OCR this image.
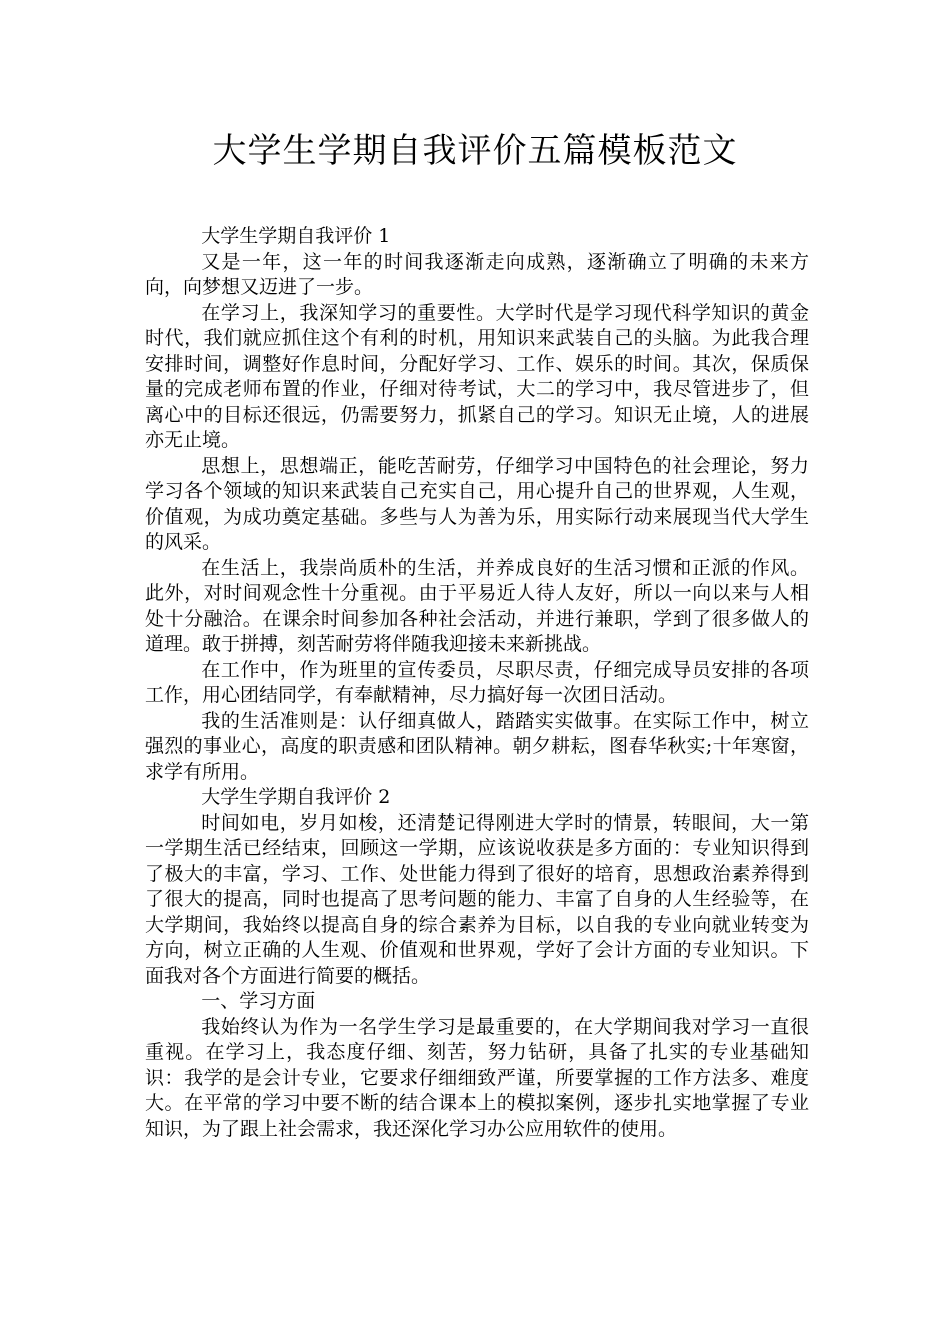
大学生学期自我评价五篇模板范文

大学生学期自我评价 1

又是一年，这一年的时间我逐渐走向成熟，逐渐确立了明确的未来方向，向梦想又迈进了一步。

在学习上，我深知学习的重要性。大学时代是学习现代科学知识的黄金时代，我们就应抓住这个有利的时机，用知识来武装自己的头脑。为此我合理安排时间，调整好作息时间，分配好学习、工作、娱乐的时间。其次，保质保量的完成老师布置的作业，仔细对待考试，大二的学习中，我尽管进步了，但离心中的目标还很远，仍需要努力，抓紧自己的学习。知识无止境，人的进展亦无止境。

思想上，思想端正，能吃苦耐劳，仔细学习中国特色的社会理论，努力学习各个领域的知识来武装自己充实自己，用心提升自己的世界观，人生观，价值观，为成功奠定基础。多些与人为善为乐，用实际行动来展现当代大学生的风采。

在生活上，我崇尚质朴的生活，并养成良好的生活习惯和正派的作风。此外，对时间观念性十分重视。由于平易近人待人友好，所以一向以来与人相处十分融洽。在课余时间参加各种社会活动，并进行兼职，学到了很多做人的道理。敢于拼搏，刻苦耐劳将伴随我迎接未来新挑战。

在工作中，作为班里的宣传委员，尽职尽责，仔细完成导员安排的各项工作，用心团结同学，有奉献精神，尽力搞好每一次团日活动。

我的生活准则是：认仔细真做人，踏踏实实做事。在实际工作中，树立强烈的事业心，高度的职责感和团队精神。朝夕耕耘，图春华秋实;十年寒窗，求学有所用。

大学生学期自我评价 2

时间如电，岁月如梭，还清楚记得刚进大学时的情景，转眼间，大一第一学期生活已经结束，回顾这一学期，应该说收获是多方面的：专业知识得到了极大的丰富，学习、工作、处世能力得到了很好的培育，思想政治素养得到了很大的提高，同时也提高了思考问题的能力、丰富了自身的人生经验等，在大学期间，我始终以提高自身的综合素养为目标，以自我的专业向就业转变为方向，树立正确的人生观、价值观和世界观，学好了会计方面的专业知识。下面我对各个方面进行简要的概括。

一、学习方面

我始终认为作为一名学生学习是最重要的，在大学期间我对学习一直很重视。在学习上，我态度仔细、刻苦，努力钻研，具备了扎实的专业基础知识：我学的是会计专业，它要求仔细细致严谨，所要掌握的工作方法多、难度大。在平常的学习中要不断的结合课本上的模拟案例，逐步扎实地掌握了专业知识，为了跟上社会需求，我还深化学习办公应用软件的使用。
